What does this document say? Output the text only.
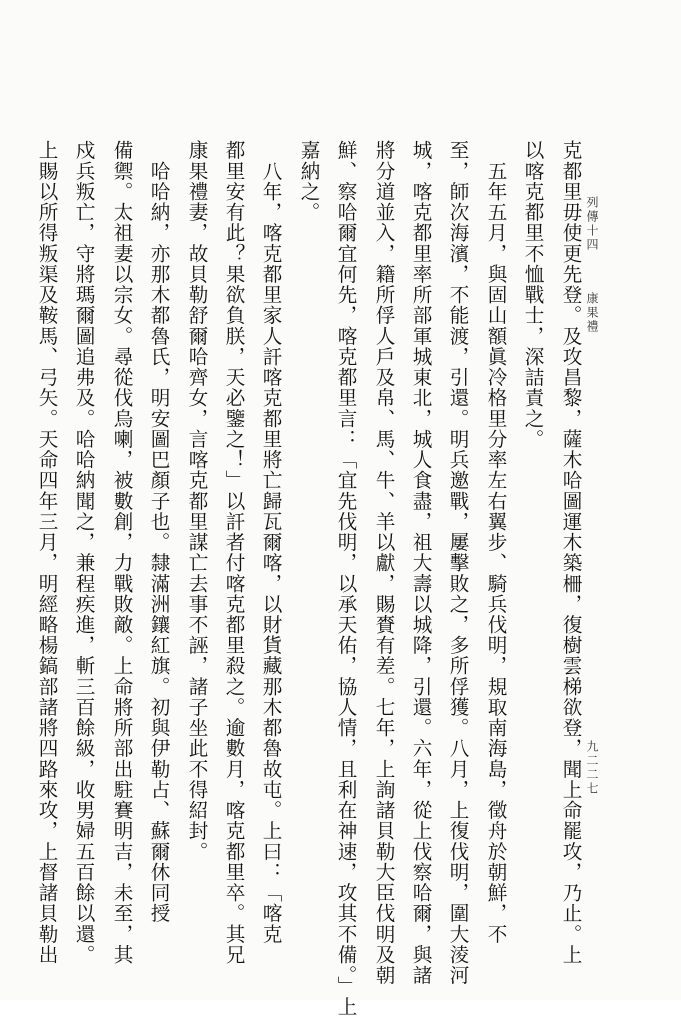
克都里毋使更先登。及攻昌黎，薩木哈圖運木築柵，復樹雲梯欲登，聞上命罷攻，乃止。上

以喀克都里不恤戰士，深詰責之。

　五年五月，與固山額眞冷格里分率左右翼步、騎兵伐明，規取南海島，徵舟於朝鮮，不

至，師次海濱，不能渡，引還。明兵邀戰，屢擊敗之，多所俘獲。八月，上復伐明，圍大淩河

城，喀克都里率所部軍城東北，城人食盡，祖大壽以城降，引還。六年，從上伐察哈爾，與諸

將分道並入，籍所俘人戶及帛、馬、牛、羊以獻，賜賚有差。七年，上詢諸貝勒大臣伐明及朝

鮮、察哈爾宜何先，喀克都里言：「宜先伐明，以承天佑，協人情，且利在神速，攻其不備。」上

嘉納之。

　八年，喀克都里家人訐喀克都里將亡歸瓦爾喀，以財貨藏那木都魯故屯。上曰：「喀克

都里安有此？果欲負朕，天必鑒之！」以訐者付喀克都里殺之。逾數月，喀克都里卒。其兄

康果禮妻，故貝勒舒爾哈齊女，言喀克都里謀亡去事不誣，諸子坐此不得紹封。

　哈哈納，亦那木都魯氏，明安圖巴顏子也。隸滿洲鑲紅旗。初與伊勒占、蘇爾休同授

備禦。太祖妻以宗女。尋從伐烏喇，被數創，力戰敗敵。上命將所部出駐賽明吉，未至，其

戍兵叛亡，守將瑪爾圖追弗及。哈哈納聞之，兼程疾進，斬三百餘級，收男婦五百餘以還。

上賜以所得叛渠及鞍馬、弓矢。天命四年三月，明經略楊鎬部諸將四路來攻，上督諸貝勒出	列傳十四

康果禮

九二二七
